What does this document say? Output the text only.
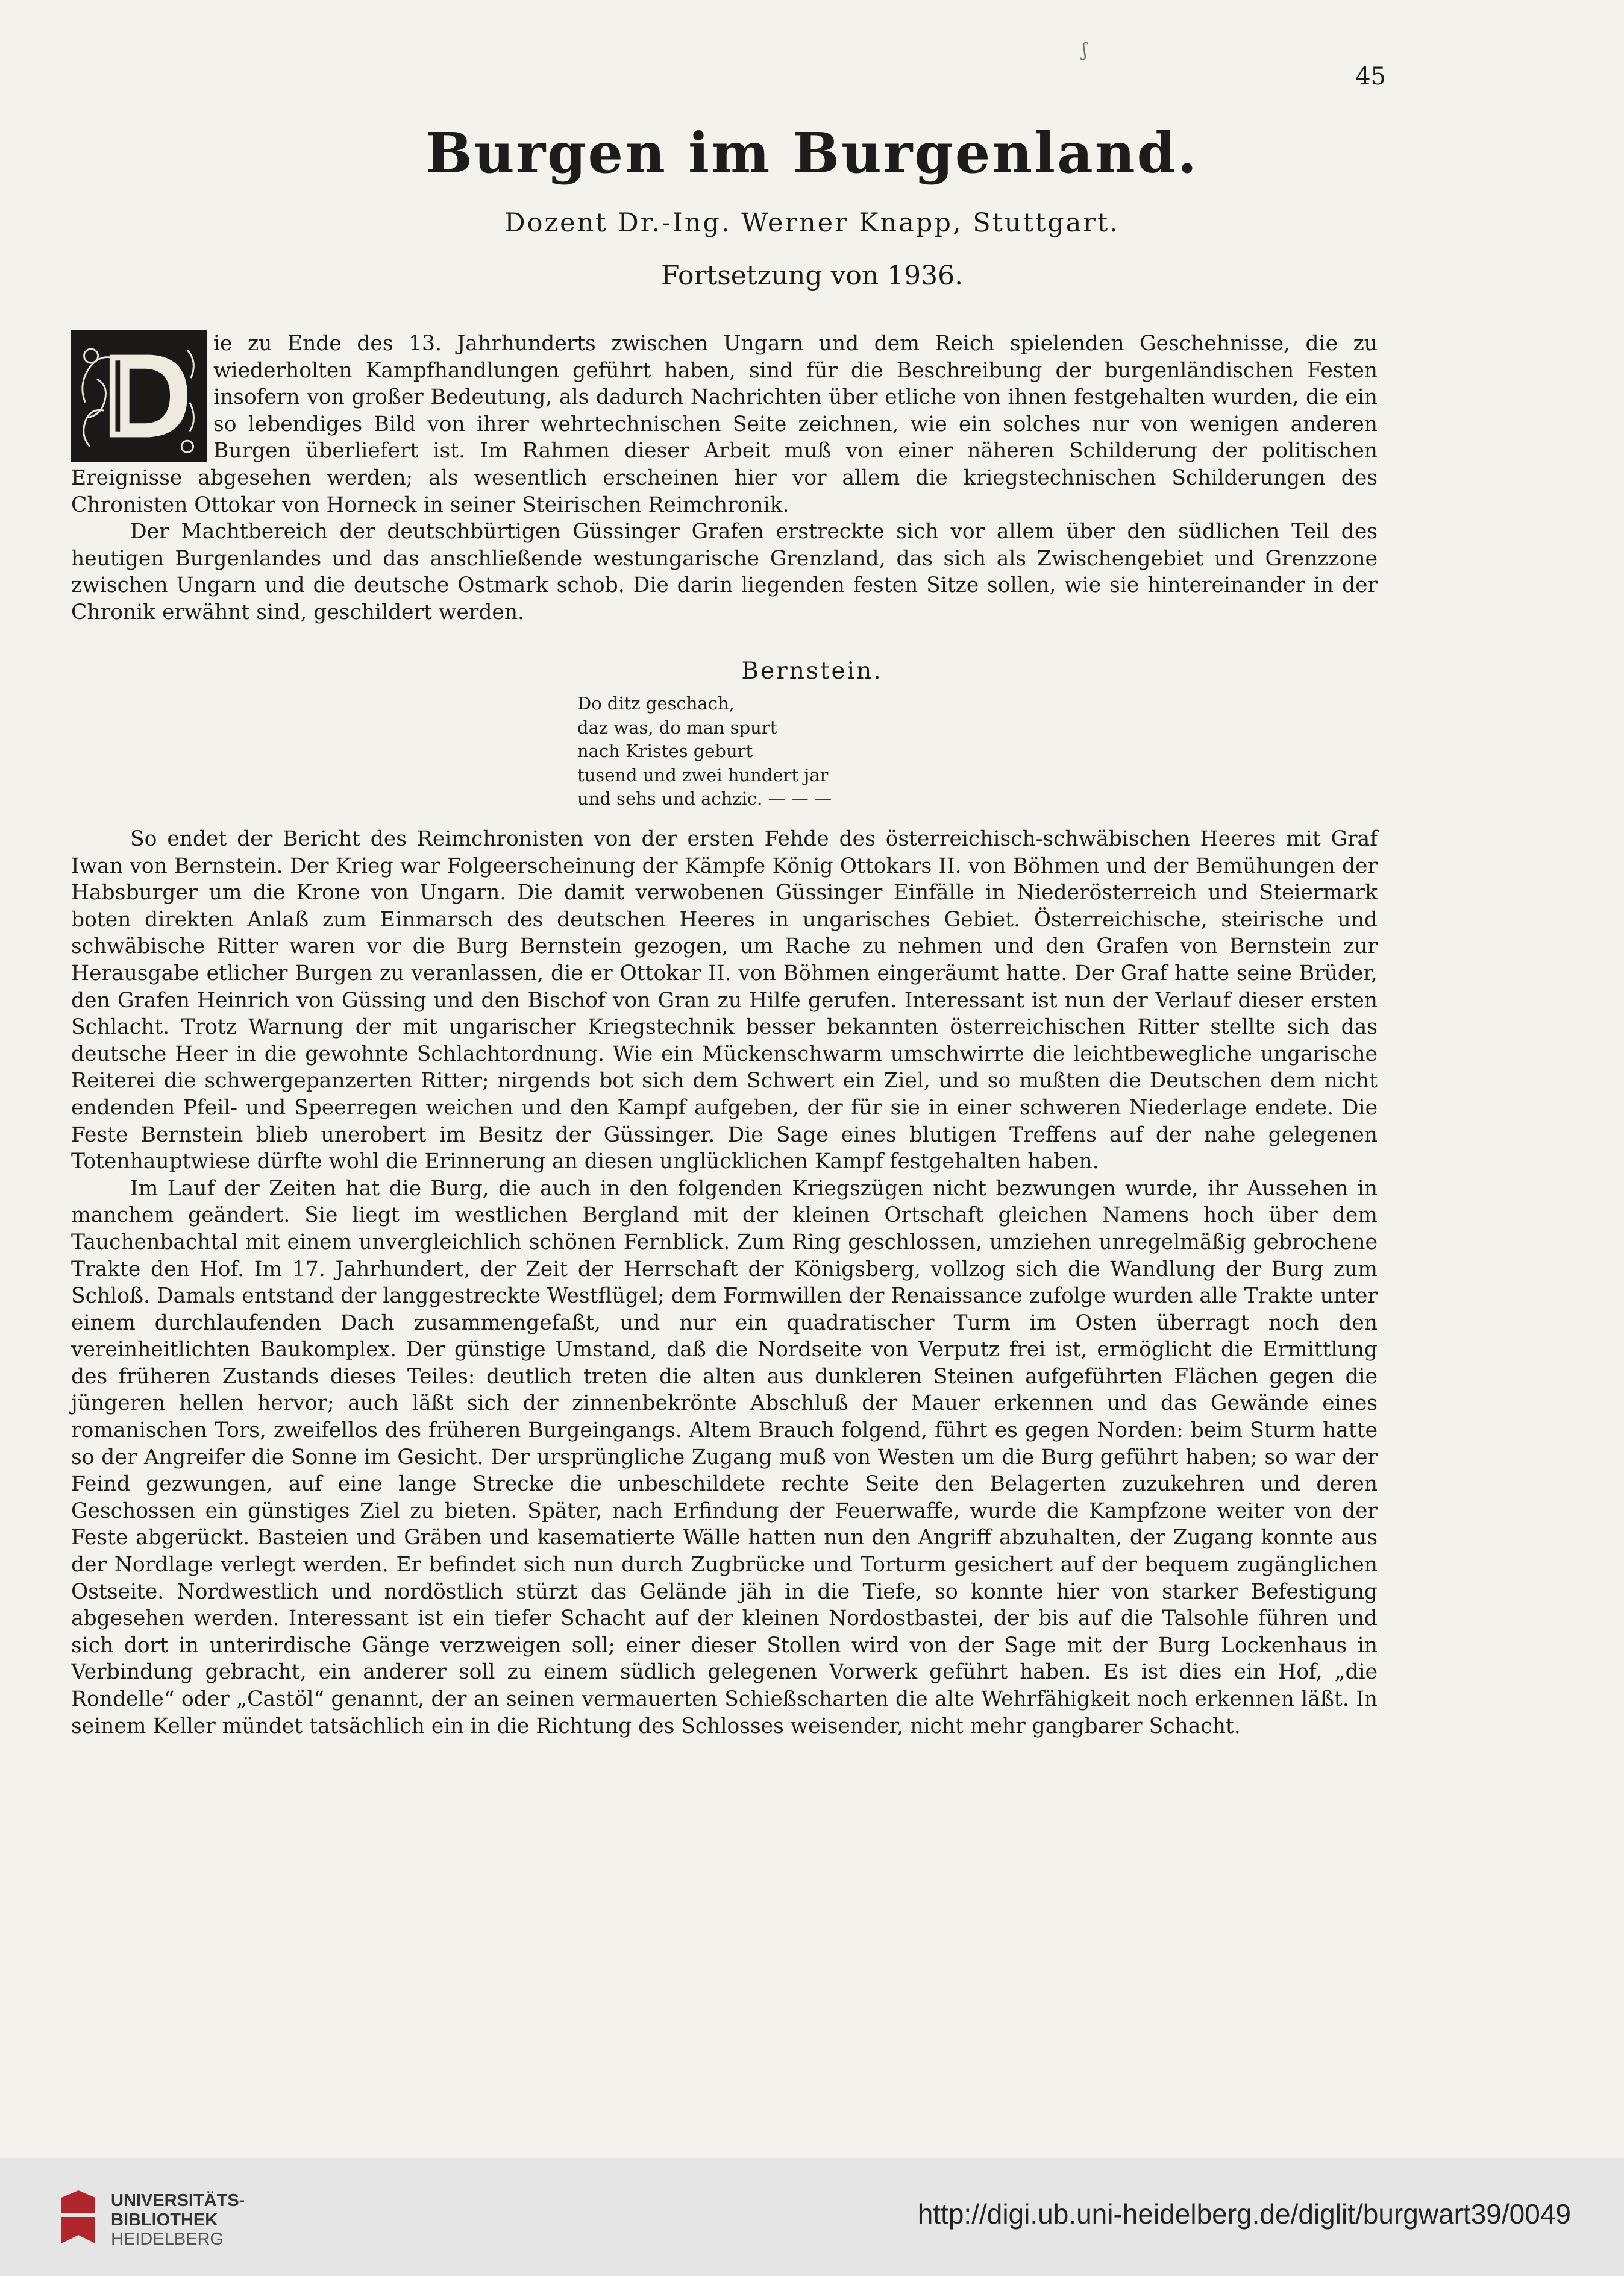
ʃ
45
Burgen im Burgenland.
Dozent Dr.-Ing. Werner Knapp, Stuttgart.
Fortsetzung von 1936.

ie zu Ende des 13. Jahrhunderts zwischen Ungarn und dem Reich spielenden Geschehnisse, die zu wiederholten Kampfhandlungen geführt haben, sind für die Beschreibung der burgenländischen Festen insofern von großer Bedeutung, als dadurch Nachrichten über etliche von ihnen festgehalten wurden, die ein so lebendiges Bild von ihrer wehrtechnischen Seite zeichnen, wie ein solches nur von wenigen anderen Burgen überliefert ist. Im Rahmen dieser Arbeit muß von einer näheren Schilderung der politischen Ereignisse abgesehen werden; als wesentlich erscheinen hier vor allem die kriegstechnischen Schilderungen des Chronisten Ottokar von Horneck in seiner Steirischen Reimchronik.

Der Machtbereich der deutschbürtigen Güssinger Grafen erstreckte sich vor allem über den südlichen Teil des heutigen Burgenlandes und das anschließende westungarische Grenzland, das sich als Zwischengebiet und Grenzzone zwischen Ungarn und die deutsche Ostmark schob. Die darin liegenden festen Sitze sollen, wie sie hintereinander in der Chronik erwähnt sind, geschildert werden.

Bernstein.
Do ditz geschach,
daz was, do man spurt
nach Kristes geburt
tusend und zwei hundert jar
und sehs und achzic. — — —

So endet der Bericht des Reimchronisten von der ersten Fehde des österreichisch-schwäbischen Heeres mit Graf Iwan von Bernstein. Der Krieg war Folgeerscheinung der Kämpfe König Ottokars II. von Böhmen und der Bemühungen der Habsburger um die Krone von Ungarn. Die damit verwobenen Güssinger Einfälle in Niederösterreich und Steiermark boten direkten Anlaß zum Einmarsch des deutschen Heeres in ungarisches Gebiet. Österreichische, steirische und schwäbische Ritter waren vor die Burg Bernstein gezogen, um Rache zu nehmen und den Grafen von Bernstein zur Herausgabe etlicher Burgen zu veranlassen, die er Ottokar II. von Böhmen eingeräumt hatte. Der Graf hatte seine Brüder, den Grafen Heinrich von Güssing und den Bischof von Gran zu Hilfe gerufen. Interessant ist nun der Verlauf dieser ersten Schlacht. Trotz Warnung der mit ungarischer Kriegstechnik besser bekannten österreichischen Ritter stellte sich das deutsche Heer in die gewohnte Schlachtordnung. Wie ein Mückenschwarm umschwirrte die leichtbewegliche ungarische Reiterei die schwergepanzerten Ritter; nirgends bot sich dem Schwert ein Ziel, und so mußten die Deutschen dem nicht endenden Pfeil- und Speerregen weichen und den Kampf aufgeben, der für sie in einer schweren Niederlage endete. Die Feste Bernstein blieb unerobert im Besitz der Güssinger. Die Sage eines blutigen Treffens auf der nahe gelegenen Totenhauptwiese dürfte wohl die Erinnerung an diesen unglücklichen Kampf festgehalten haben.

Im Lauf der Zeiten hat die Burg, die auch in den folgenden Kriegszügen nicht bezwungen wurde, ihr Aussehen in manchem geändert. Sie liegt im westlichen Bergland mit der kleinen Ortschaft gleichen Namens hoch über dem Tauchenbachtal mit einem unvergleichlich schönen Fernblick. Zum Ring geschlossen, umziehen unregelmäßig gebrochene Trakte den Hof. Im 17. Jahrhundert, der Zeit der Herrschaft der Königsberg, vollzog sich die Wandlung der Burg zum Schloß. Damals entstand der langgestreckte Westflügel; dem Formwillen der Renaissance zufolge wurden alle Trakte unter einem durchlaufenden Dach zusammengefaßt, und nur ein quadratischer Turm im Osten überragt noch den vereinheitlichten Baukomplex. Der günstige Umstand, daß die Nordseite von Verputz frei ist, ermöglicht die Ermittlung des früheren Zustands dieses Teiles: deutlich treten die alten aus dunkleren Steinen aufgeführten Flächen gegen die jüngeren hellen hervor; auch läßt sich der zinnenbekrönte Abschluß der Mauer erkennen und das Gewände eines romanischen Tors, zweifellos des früheren Burgeingangs. Altem Brauch folgend, führt es gegen Norden: beim Sturm hatte so der Angreifer die Sonne im Gesicht. Der ursprüngliche Zugang muß von Westen um die Burg geführt haben; so war der Feind gezwungen, auf eine lange Strecke die unbeschildete rechte Seite den Belagerten zuzukehren und deren Geschossen ein günstiges Ziel zu bieten. Später, nach Erfindung der Feuerwaffe, wurde die Kampfzone weiter von der Feste abgerückt. Basteien und Gräben und kasematierte Wälle hatten nun den Angriff abzuhalten, der Zugang konnte aus der Nordlage verlegt werden. Er befindet sich nun durch Zugbrücke und Torturm gesichert auf der bequem zugänglichen Ostseite. Nordwestlich und nordöstlich stürzt das Gelände jäh in die Tiefe, so konnte hier von starker Befestigung abgesehen werden. Interessant ist ein tiefer Schacht auf der kleinen Nordostbastei, der bis auf die Talsohle führen und sich dort in unterirdische Gänge verzweigen soll; einer dieser Stollen wird von der Sage mit der Burg Lockenhaus in Verbindung gebracht, ein anderer soll zu einem südlich gelegenen Vorwerk geführt haben. Es ist dies ein Hof, „die Rondelle“ oder „Castöl“ genannt, der an seinen vermauerten Schießscharten die alte Wehrfähigkeit noch erkennen läßt. In seinem Keller mündet tatsächlich ein in die Richtung des Schlosses weisender, nicht mehr gangbarer Schacht.

UNIVERSITÄTS-
BIBLIOTHEK
HEIDELBERG
http://digi.ub.uni-heidelberg.de/diglit/burgwart39/0049
